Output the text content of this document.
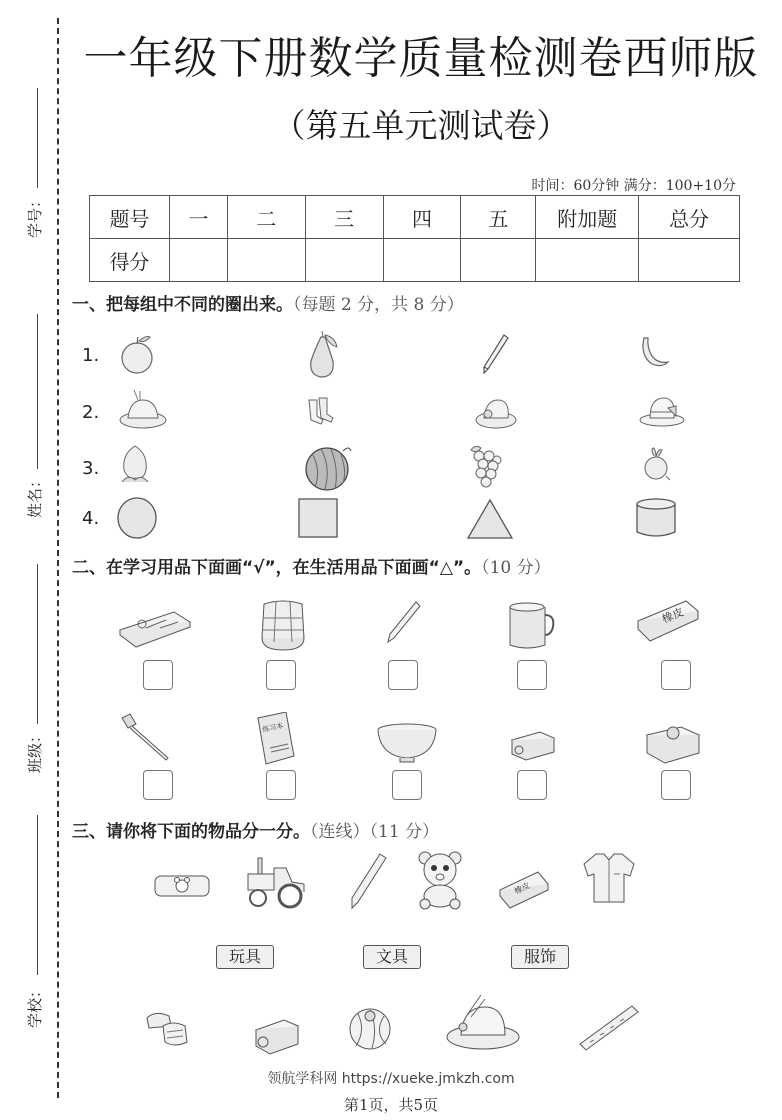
学号：
姓名：
班级：
学校：
一年级下册数学质量检测卷西师版
（第五单元测试卷）
时间：60分钟 满分：100+10分
题号	一	二	三	四	五	附加题	总分
得分							
一、把每组中不同的圈出来。（每题 2 分，共 8 分）
1.
2.
3.
4.
二、在学习用品下面画“√”，在生活用品下面画“△”。（10 分）
橡皮
练习本
三、请你将下面的物品分一分。（连线）（11 分）
橡皮
玩具	文具	服饰
领航学科网 https://xueke.jmkzh.com
第1页，共5页
